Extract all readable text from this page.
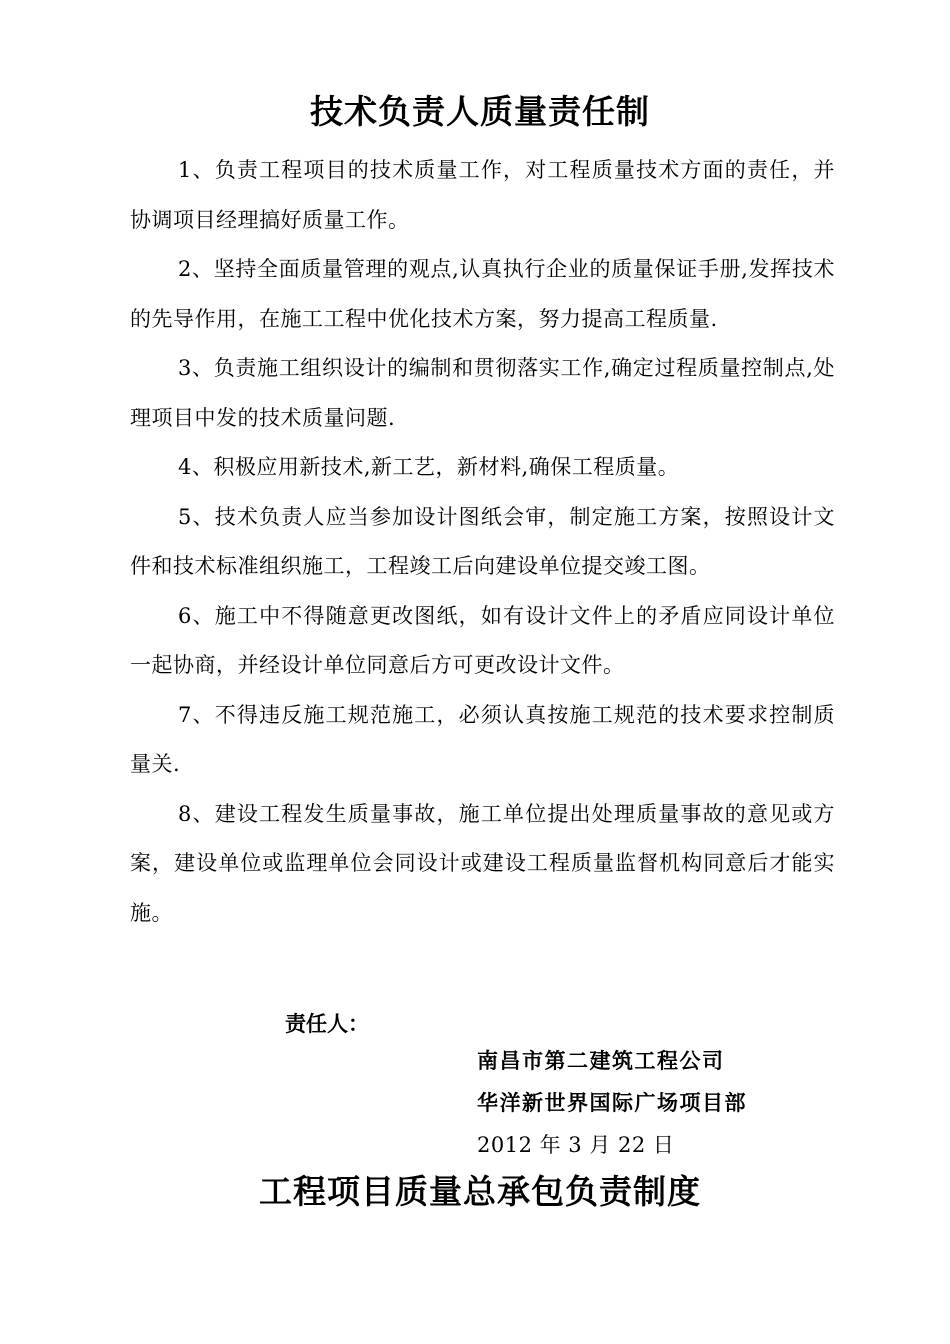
技术负责人质量责任制

1、负责工程项目的技术质量工作，对工程质量技术方面的责任，并协调项目经理搞好质量工作。

2、坚持全面质量管理的观点,认真执行企业的质量保证手册,发挥技术的先导作用，在施工工程中优化技术方案，努力提高工程质量.

3、负责施工组织设计的编制和贯彻落实工作,确定过程质量控制点,处理项目中发的技术质量问题.

4、积极应用新技术,新工艺，新材料,确保工程质量。

5、技术负责人应当参加设计图纸会审，制定施工方案，按照设计文件和技术标准组织施工，工程竣工后向建设单位提交竣工图。

6、施工中不得随意更改图纸，如有设计文件上的矛盾应同设计单位一起协商，并经设计单位同意后方可更改设计文件。

7、不得违反施工规范施工，必须认真按施工规范的技术要求控制质量关.

8、建设工程发生质量事故，施工单位提出处理质量事故的意见或方案，建设单位或监理单位会同设计或建设工程质量监督机构同意后才能实施。

责任人：

南昌市第二建筑工程公司

华洋新世界国际广场项目部

2012 年 3 月 22 日

工程项目质量总承包负责制度
